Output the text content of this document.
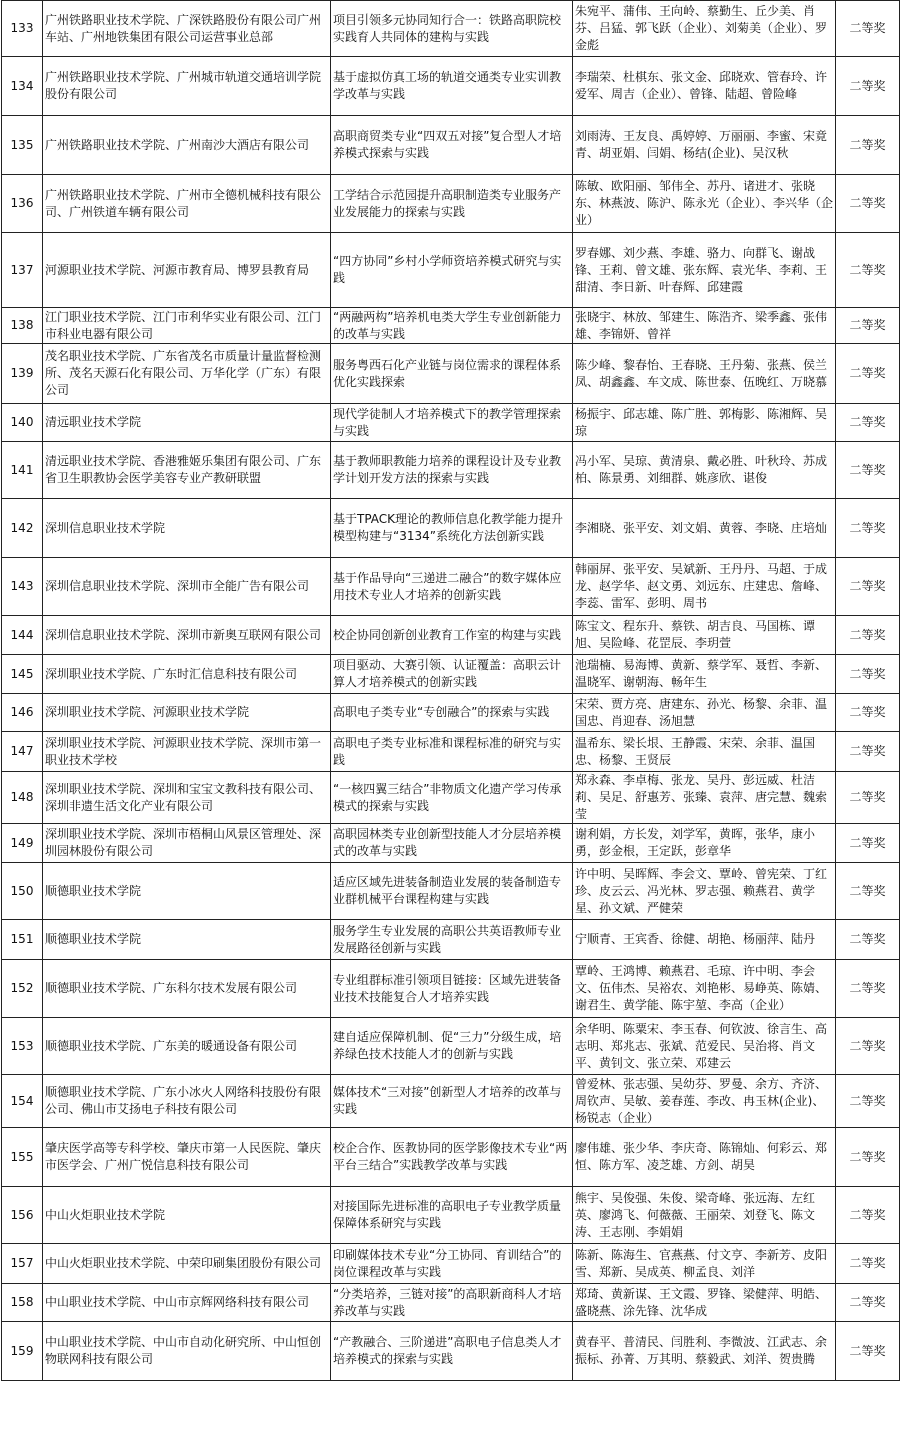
133	广州铁路职业技术学院、广深铁路股份有限公司广州车站、广州地铁集团有限公司运营事业总部	项目引领多元协同知行合一：铁路高职院校实践育人共同体的建构与实践	朱宛平、蒲伟、王向岭、蔡勤生、丘少美、肖芬、吕猛、郭飞跃（企业）、刘菊美（企业）、罗金彪	二等奖
134	广州铁路职业技术学院、广州城市轨道交通培训学院股份有限公司	基于虚拟仿真工场的轨道交通类专业实训教学改革与实践	李瑞荣、杜棋东、张文金、邱晓欢、管春玲、许爱军、周吉（企业）、曾锋、陆超、曾险峰	二等奖
135	广州铁路职业技术学院、广州南沙大酒店有限公司	高职商贸类专业“四双五对接”复合型人才培养模式探索与实践	刘雨涛、王友良、禹婷婷、万丽丽、李蜜、宋竟青、胡亚娟、闫娟、杨结(企业)、吴汉秋	二等奖
136	广州铁路职业技术学院、广州市全德机械科技有限公司、广州铁道车辆有限公司	工学结合示范园提升高职制造类专业服务产业发展能力的探索与实践	陈敏、欧阳丽、邹伟全、苏丹、诸进才、张晓东、林燕波、陈沪、陈永光（企业）、李兴华（企业）	二等奖
137	河源职业技术学院、河源市教育局、博罗县教育局	“四方协同”乡村小学师资培养模式研究与实践	罗春娜、刘少燕、李雄、骆力、向群飞、谢战锋、王莉、曾文雄、张东辉、袁光华、李莉、王甜清、李日新、叶春辉、邱建霞	二等奖
138	江门职业技术学院、江门市利华实业有限公司、江门市科业电器有限公司	“两融两构”培养机电类大学生专业创新能力的改革与实践	张晓宇、林放、邹建生、陈浩齐、梁季鑫、张伟雄、李锦妍、曾祥	二等奖
139	茂名职业技术学院、广东省茂名市质量计量监督检测所、茂名天源石化有限公司、万华化学（广东）有限公司	服务粤西石化产业链与岗位需求的课程体系优化实践探索	陈少峰、黎春怡、王春晓、王丹菊、张燕、侯兰凤、胡鑫鑫、车文成、陈世泰、伍晚红、万晓慕	二等奖
140	清远职业技术学院	现代学徒制人才培养模式下的教学管理探索与实践	杨振宇、邱志雄、陈广胜、郭梅影、陈湘辉、吴琼	二等奖
141	清远职业技术学院、香港雅姬乐集团有限公司、广东省卫生职教协会医学美容专业产教研联盟	基于教师职教能力培养的课程设计及专业教学计划开发方法的探索与实践	冯小军、吴琼、黄清泉、戴必胜、叶秋玲、苏成柏、陈景勇、刘细群、姚彦欣、谌俊	二等奖
142	深圳信息职业技术学院	基于TPACK理论的教师信息化教学能力提升模型构建与“3134”系统化方法创新实践	李湘晓、张平安、刘文娟、黄蓉、李晓、庄培灿	二等奖
143	深圳信息职业技术学院、深圳市全能广告有限公司	基于作品导向“三递进二融合”的数字媒体应用技术专业人才培养的创新实践	韩丽屏、张平安、吴斌新、王丹丹、马超、于成龙、赵学华、赵文勇、刘远东、庄建忠、詹峰、李蕊、雷军、彭明、周书	二等奖
144	深圳信息职业技术学院、深圳市新奥互联网有限公司	校企协同创新创业教育工作室的构建与实践	陈宝文、程东升、蔡铁、胡吉良、马国栋、谭旭、吴险峰、花罡辰、李玥萱	二等奖
145	深圳职业技术学院、广东时汇信息科技有限公司	项目驱动、大赛引领、认证覆盖：高职云计算人才培养模式的创新实践	池瑞楠、易海博、黄新、蔡学军、聂哲、李新、温晓军、谢朝海、畅年生	二等奖
146	深圳职业技术学院、河源职业技术学院	高职电子类专业“专创融合”的探索与实践	宋荣、贾方亮、唐建东、孙光、杨黎、余菲、温国忠、肖迎春、汤旭慧	二等奖
147	深圳职业技术学院、河源职业技术学院、深圳市第一职业技术学校	高职电子类专业标准和课程标准的研究与实践	温希东、梁长垠、王静霞、宋荣、余菲、温国忠、杨黎、王贤辰	二等奖
148	深圳职业技术学院、深圳和宝宝文教科技有限公司、深圳非遗生活文化产业有限公司	“一核四翼三结合”非物质文化遗产学习传承模式的探索与实践	郑永森、李卓梅、张龙、吴丹、彭远威、杜洁莉、吴足、舒惠芳、张臻、袁萍、唐完慧、魏索莹	二等奖
149	深圳职业技术学院、深圳市梧桐山风景区管理处、深圳园林股份有限公司	高职园林类专业创新型技能人才分层培养模式的改革与实践	谢利娟，方长发，刘学军，黄晖，张华，康小勇，彭金根，王定跃，彭章华	二等奖
150	顺德职业技术学院	适应区域先进装备制造业发展的装备制造专业群机械平台课程构建与实践	许中明、吴晖辉、李会文、覃岭、曾宪荣、丁红珍、皮云云、冯光林、罗志强、赖燕君、黄学星、孙文斌、严健荣	二等奖
151	顺德职业技术学院	服务学生专业发展的高职公共英语教师专业发展路径创新与实践	宁顺青、王宾香、徐健、胡艳、杨丽萍、陆丹	二等奖
152	顺德职业技术学院、广东科尔技术发展有限公司	专业组群标准引领项目链接：区域先进装备业技术技能复合人才培养实践	覃岭、王鸿博、赖燕君、毛琼、许中明、李会文、伍伟杰、吴裕农、刘艳彬、易峥英、陈婧、谢君生、黄学能、陈宇堃、李高（企业）	二等奖
153	顺德职业技术学院、广东美的暖通设备有限公司	建自适应保障机制、促“三力”分级生成，培养绿色技术技能人才的创新与实践	余华明、陈粟宋、李玉春、何钦波、徐言生、高志明、郑兆志、张斌、范爱民、吴治将、肖文平、黄钊文、张立荣、邓建云	二等奖
154	顺德职业技术学院、广东小冰火人网络科技股份有限公司、佛山市艾扬电子科技有限公司	媒体技术“三对接”创新型人才培养的改革与实践	曾爱林、张志强、吴幼芬、罗曼、余方、齐济、周钦声、吴敏、姜春莲、李改、冉玉林(企业)、杨锐志（企业）	二等奖
155	肇庆医学高等专科学校、肇庆市第一人民医院、肇庆市医学会、广州广悦信息科技有限公司	校企合作、医教协同的医学影像技术专业“两平台三结合”实践教学改革与实践	廖伟雄、张少华、李庆奇、陈锦灿、何彩云、郑恒、陈方军、凌芝雄、方剑、胡昊	二等奖
156	中山火炬职业技术学院	对接国际先进标准的高职电子专业教学质量保障体系研究与实践	熊宇、吴俊强、朱俊、梁奇峰、张远海、左红英、廖鸿飞、何薇薇、王丽荣、刘登飞、陈文涛、王志刚、李娟娟	二等奖
157	中山火炬职业技术学院、中荣印刷集团股份有限公司	印刷媒体技术专业“分工协同、育训结合”的岗位课程改革与实践	陈新、陈海生、官燕燕、付文亨、李新芳、皮阳雪、郑新、吴成英、柳孟良、刘洋	二等奖
158	中山职业技术学院、中山市京辉网络科技有限公司	“分类培养，三链对接”的高职新商科人才培养改革与实践	郑琦、黄新谋、王文霞、罗锋、梁健萍、明皓、盛晓燕、涂先锋、沈华成	二等奖
159	中山职业技术学院、中山市自动化研究所、中山恒创物联网科技有限公司	“产教融合、三阶递进”高职电子信息类人才培养模式的探索与实践	黄春平、普清民、闫胜利、李微波、江武志、余振标、孙菁、万其明、蔡毅武、刘洋、贺贵腾	二等奖
